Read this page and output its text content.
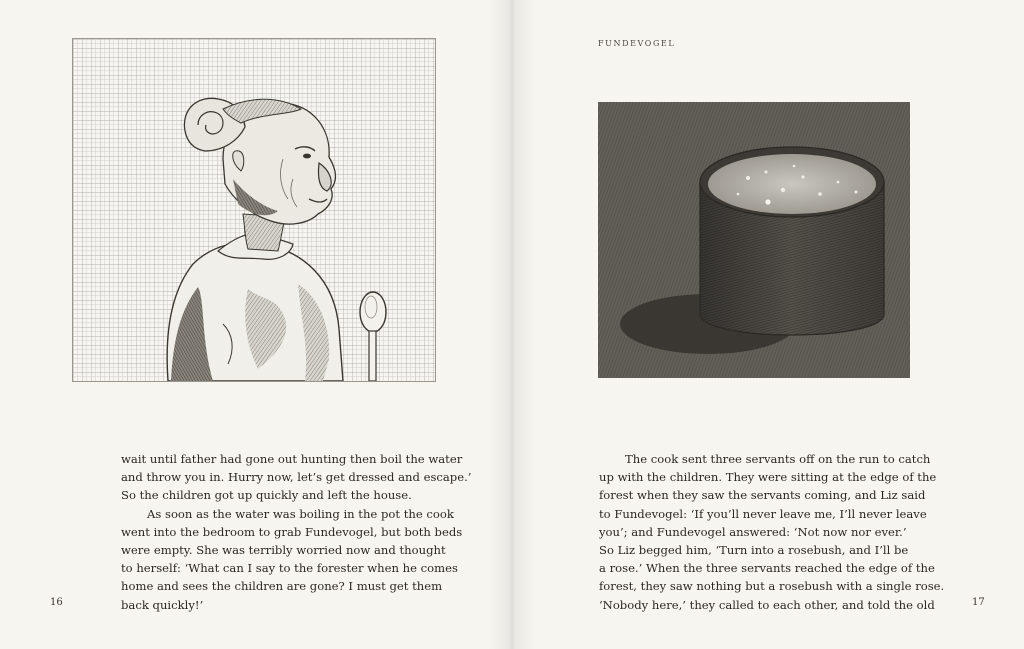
FUNDEVOGEL
wait until father had gone out hunting then boil the water
and throw you in. Hurry now, let’s get dressed and escape.’
So the children got up quickly and left the house.
As soon as the water was boiling in the pot the cook
went into the bedroom to grab Fundevogel, but both beds
were empty. She was terribly worried now and thought
to herself: ‘What can I say to the forester when he comes
home and sees the children are gone? I must get them
back quickly!’
The cook sent three servants off on the run to catch
up with the children. They were sitting at the edge of the
forest when they saw the servants coming, and Liz said
to Fundevogel: ‘If you’ll never leave me, I’ll never leave
you’; and Fundevogel answered: ‘Not now nor ever.’
So Liz begged him, ‘Turn into a rosebush, and I’ll be
a rose.’ When the three servants reached the edge of the
forest, they saw nothing but a rosebush with a single rose.
‘Nobody here,’ they called to each other, and told the old
16	17
